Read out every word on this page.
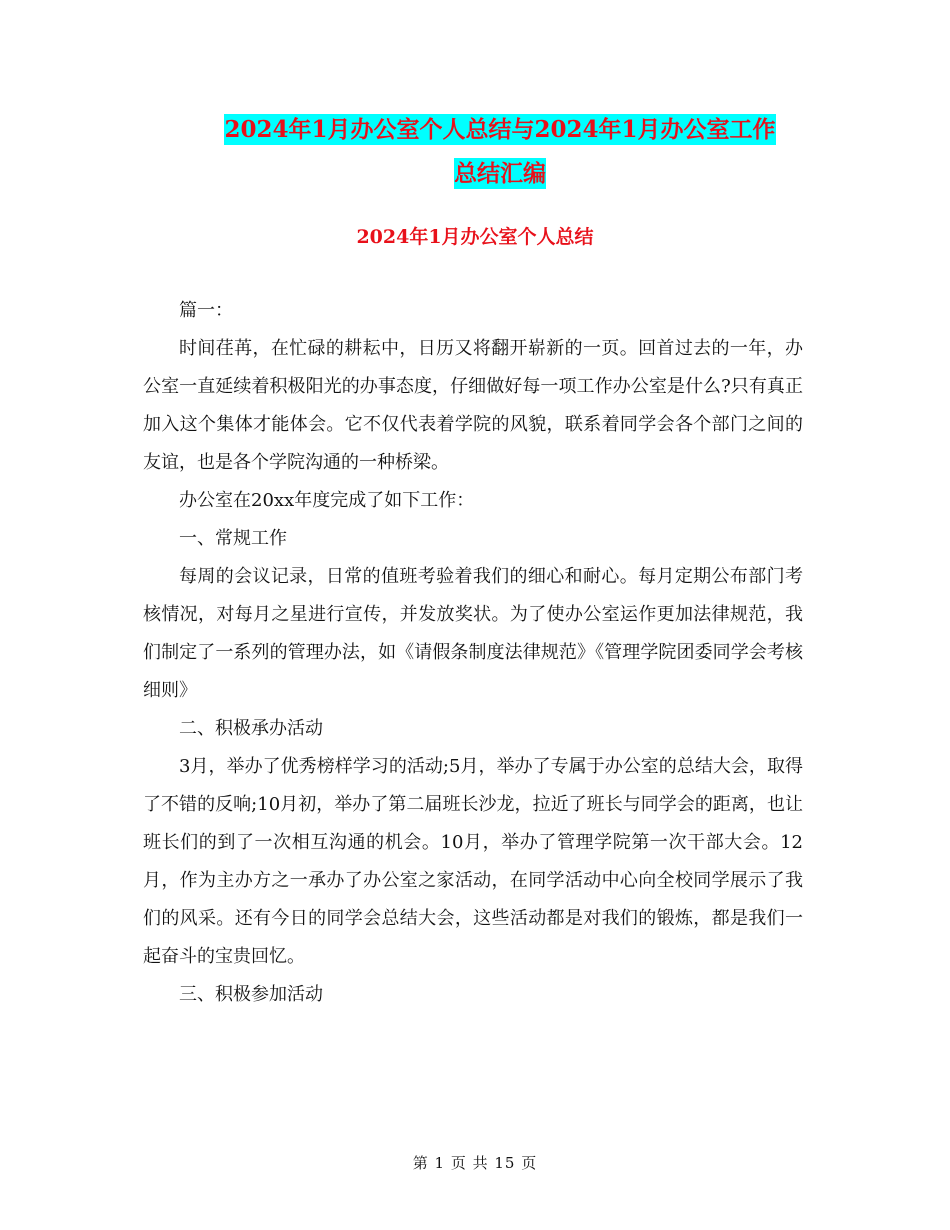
2024年1月办公室个人总结与2024年1月办公室工作
总结汇编
2024年1月办公室个人总结

篇一：

时间荏苒，在忙碌的耕耘中，日历又将翻开崭新的一页。回首过去的一年，办公室一直延续着积极阳光的办事态度，仔细做好每一项工作办公室是什么?只有真正加入这个集体才能体会。它不仅代表着学院的风貌，联系着同学会各个部门之间的友谊，也是各个学院沟通的一种桥梁。

办公室在20xx年度完成了如下工作：

一、常规工作

每周的会议记录，日常的值班考验着我们的细心和耐心。每月定期公布部门考核情况，对每月之星进行宣传，并发放奖状。为了使办公室运作更加法律规范，我们制定了一系列的管理办法，如《请假条制度法律规范》《管理学院团委同学会考核细则》

二、积极承办活动

3月，举办了优秀榜样学习的活动;5月，举办了专属于办公室的总结大会，取得了不错的反响;10月初，举办了第二届班长沙龙，拉近了班长与同学会的距离，也让班长们的到了一次相互沟通的机会。10月，举办了管理学院第一次干部大会。12月，作为主办方之一承办了办公室之家活动，在同学活动中心向全校同学展示了我们的风采。还有今日的同学会总结大会，这些活动都是对我们的锻炼，都是我们一起奋斗的宝贵回忆。

三、积极参加活动

第 1 页 共 15 页
